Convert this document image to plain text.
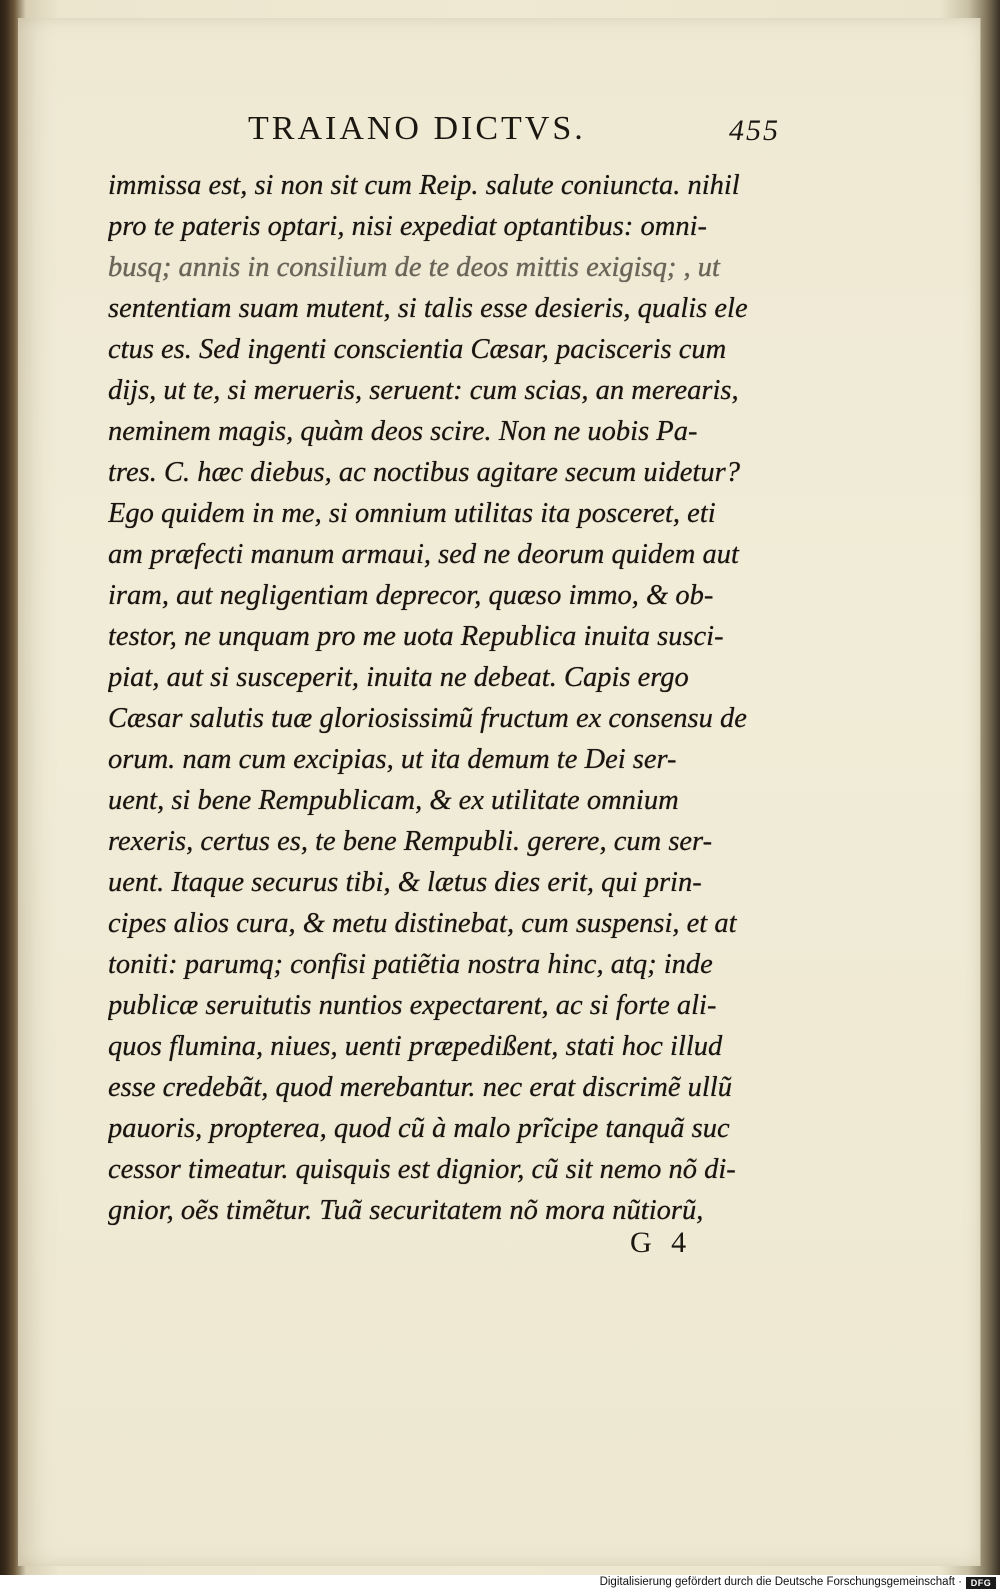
TRAIANO DICTVS.	455
immissa est, si non sit cum Reip. salute coniuncta. nihil
pro te pateris optari, nisi expediat optantibus: omni-
busq; annis in consilium de te deos mittis exigisq; , ut
sententiam suam mutent, si talis esse desieris, qualis ele
ctus es. Sed ingenti conscientia Cæsar, pacisceris cum
dijs, ut te, si merueris, seruent: cum scias, an merearis,
neminem magis, quàm deos scire. Non ne uobis Pa-
tres. C. hæc diebus, ac noctibus agitare secum uidetur?
Ego quidem in me, si omnium utilitas ita posceret, eti
am præfecti manum armaui, sed ne deorum quidem aut
iram, aut negligentiam deprecor, quæso immo, & ob-
testor, ne unquam pro me uota Republica inuita susci-
piat, aut si susceperit, inuita ne debeat. Capis ergo
Cæsar salutis tuæ gloriosissimũ fructum ex consensu de
orum. nam cum excipias, ut ita demum te Dei ser-
uent, si bene Rempublicam, & ex utilitate omnium
rexeris, certus es, te bene Rempubli. gerere, cum ser-
uent. Itaque securus tibi, & lætus dies erit, qui prin-
cipes alios cura, & metu distinebat, cum suspensi, et at
toniti: parumq; confisi patiẽtia nostra hinc, atq; inde
publicæ seruitutis nuntios expectarent, ac si forte ali-
quos flumina, niues, uenti præpedißent, stati hoc illud
esse credebãt, quod merebantur. nec erat discrimẽ ullũ
pauoris, propterea, quod cũ à malo prĩcipe tanquã suc
cessor timeatur. quisquis est dignior, cũ sit nemo nõ di-
gnior, oẽs timẽtur. Tuã securitatem nõ mora nũtiorũ,
G 4
Digitalisierung gefördert durch die Deutsche Forschungsgemeinschaft · DFG
